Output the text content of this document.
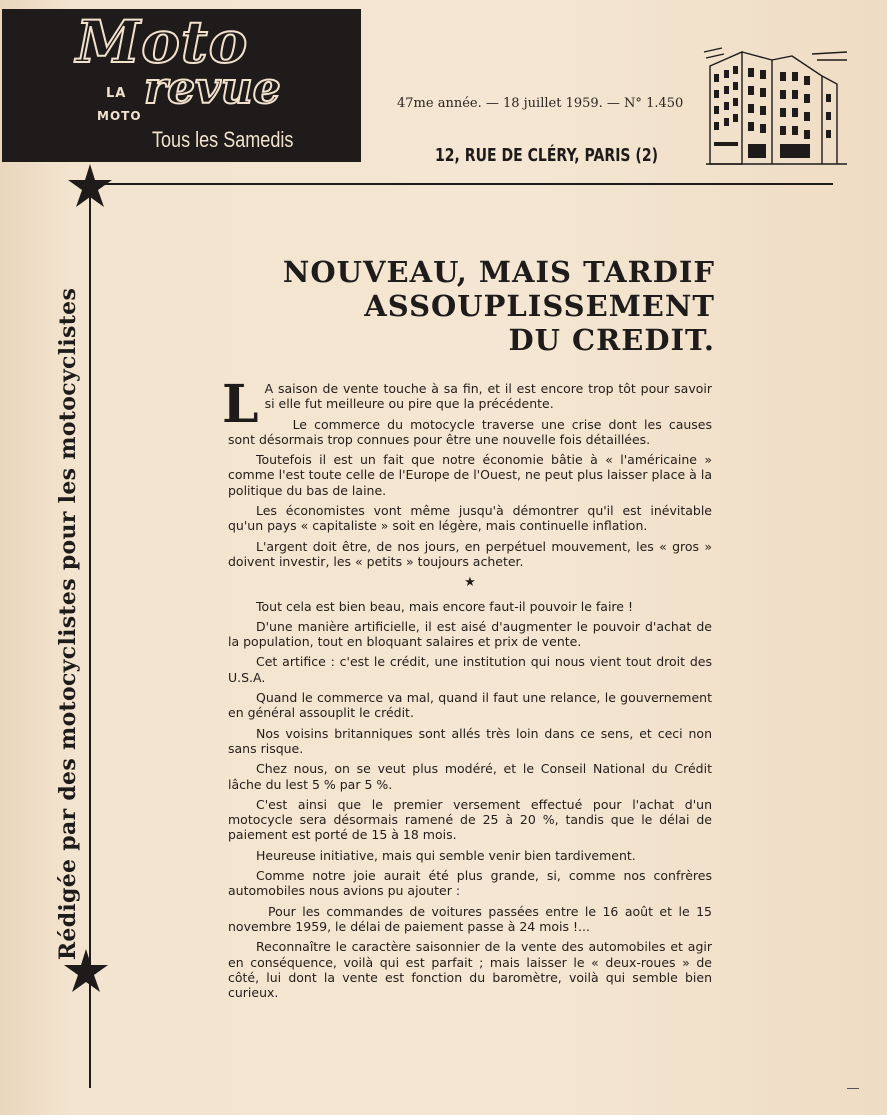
Moto
revue
LA
MOTO
Tous les Samedis
47me année. — 18 juillet 1959. — N° 1.450
12, RUE DE CLÉRY, PARIS (2)
Rédigée par des motocyclistes pour les motocyclistes
NOUVEAU, MAIS TARDIF
ASSOUPLISSEMENT
DU CREDIT.

L A saison de vente touche à sa fin, et il est encore trop tôt pour savoir si elle fut meilleure ou pire que la précédente.

Le commerce du motocycle traverse une crise dont les causes sont désormais trop connues pour être une nouvelle fois détaillées.

Toutefois il est un fait que notre économie bâtie à « l'américaine » comme l'est toute celle de l'Europe de l'Ouest, ne peut plus laisser place à la politique du bas de laine.

Les économistes vont même jusqu'à démontrer qu'il est inévitable qu'un pays « capitaliste » soit en légère, mais continuelle inflation.

L'argent doit être, de nos jours, en perpétuel mouvement, les « gros » doivent investir, les « petits » toujours acheter.

★

Tout cela est bien beau, mais encore faut-il pouvoir le faire !

D'une manière artificielle, il est aisé d'augmenter le pouvoir d'achat de la population, tout en bloquant salaires et prix de vente.

Cet artifice : c'est le crédit, une institution qui nous vient tout droit des U.S.A.

Quand le commerce va mal, quand il faut une relance, le gouvernement en général assouplit le crédit.

Nos voisins britanniques sont allés très loin dans ce sens, et ceci non sans risque.

Chez nous, on se veut plus modéré, et le Conseil National du Crédit lâche du lest 5 % par 5 %.

C'est ainsi que le premier versement effectué pour l'achat d'un motocycle sera désormais ramené de 25 à 20 %, tandis que le délai de paiement est porté de 15 à 18 mois.

Heureuse initiative, mais qui semble venir bien tardivement.

Comme notre joie aurait été plus grande, si, comme nos confrères automobiles nous avions pu ajouter :

Pour les commandes de voitures passées entre le 16 août et le 15 novembre 1959, le délai de paiement passe à 24 mois !...

Reconnaître le caractère saisonnier de la vente des automobiles et agir en conséquence, voilà qui est parfait ; mais laisser le « deux-roues » de côté, lui dont la vente est fonction du baromètre, voilà qui semble bien curieux.
